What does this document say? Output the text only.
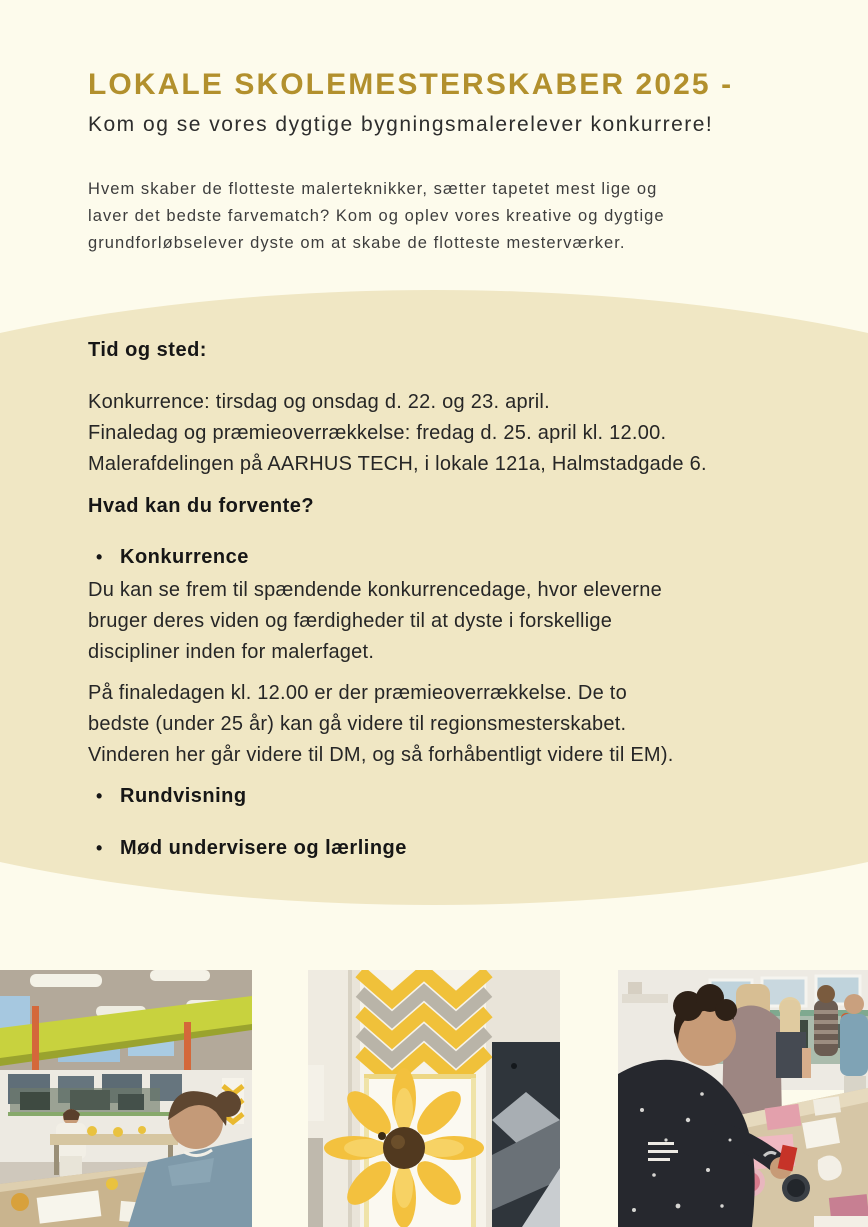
LOKALE SKOLEMESTERSKABER 2025 -
Kom og se vores dygtige bygningsmalerelever konkurrere!
Hvem skaber de flotteste malerteknikker, sætter tapetet mest lige og
laver det bedste farvematch? Kom og oplev vores kreative og dygtige
grundforløbselever dyste om at skabe de flotteste mesterværker.
Tid og sted:
Konkurrence: tirsdag og onsdag d. 22. og 23. april.
Finaledag og præmieoverrækkelse: fredag d. 25. april kl. 12.00.
Malerafdelingen på AARHUS TECH, i lokale 121a, Halmstadgade 6.
Hvad kan du forvente?
• Konkurrence
Du kan se frem til spændende konkurrencedage, hvor eleverne
bruger deres viden og færdigheder til at dyste i forskellige
discipliner inden for malerfaget.
På finaledagen kl. 12.00 er der præmieoverrækkelse. De to
bedste (under 25 år) kan gå videre til regionsmesterskabet.
Vinderen her går videre til DM, og så forhåbentligt videre til EM).
• Rundvisning
• Mød undervisere og lærlinge
